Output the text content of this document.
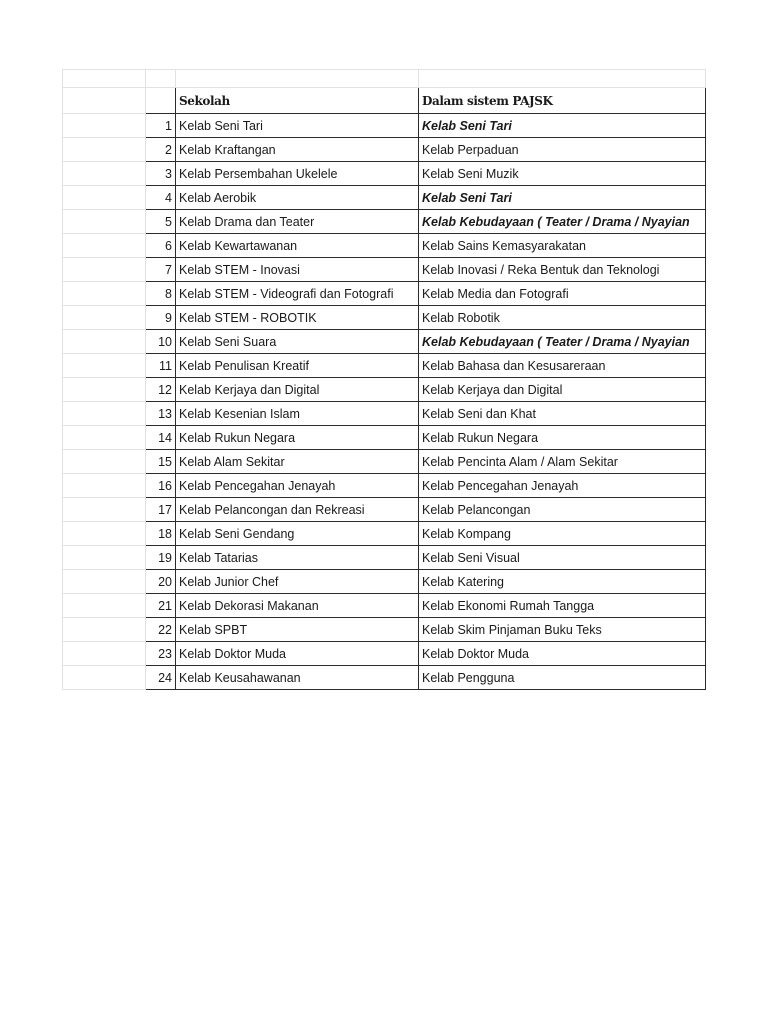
		Sekolah	Dalam sistem PAJSK
	1	Kelab Seni Tari	Kelab Seni Tari
	2	Kelab Kraftangan	Kelab Perpaduan
	3	Kelab Persembahan Ukelele	Kelab Seni Muzik
	4	Kelab Aerobik	Kelab Seni Tari
	5	Kelab Drama dan Teater	Kelab Kebudayaan ( Teater / Drama / Nyayian
	6	Kelab Kewartawanan	Kelab Sains Kemasyarakatan
	7	Kelab STEM - Inovasi	Kelab Inovasi / Reka Bentuk dan Teknologi
	8	Kelab STEM - Videografi dan Fotografi	Kelab Media dan Fotografi
	9	Kelab STEM - ROBOTIK	Kelab Robotik
	10	Kelab Seni Suara	Kelab Kebudayaan ( Teater / Drama / Nyayian
	11	Kelab Penulisan Kreatif	Kelab Bahasa dan Kesusareraan
	12	Kelab Kerjaya dan Digital	Kelab Kerjaya dan Digital
	13	Kelab Kesenian Islam	Kelab Seni dan Khat
	14	Kelab Rukun Negara	Kelab Rukun Negara
	15	Kelab Alam Sekitar	Kelab Pencinta Alam / Alam Sekitar
	16	Kelab Pencegahan Jenayah	Kelab Pencegahan Jenayah
	17	Kelab Pelancongan dan Rekreasi	Kelab Pelancongan
	18	Kelab Seni Gendang	Kelab Kompang
	19	Kelab Tatarias	Kelab Seni Visual
	20	Kelab Junior Chef	Kelab Katering
	21	Kelab Dekorasi Makanan	Kelab Ekonomi Rumah Tangga
	22	Kelab SPBT	Kelab Skim Pinjaman Buku Teks
	23	Kelab Doktor Muda	Kelab Doktor Muda
	24	Kelab Keusahawanan	Kelab Pengguna
